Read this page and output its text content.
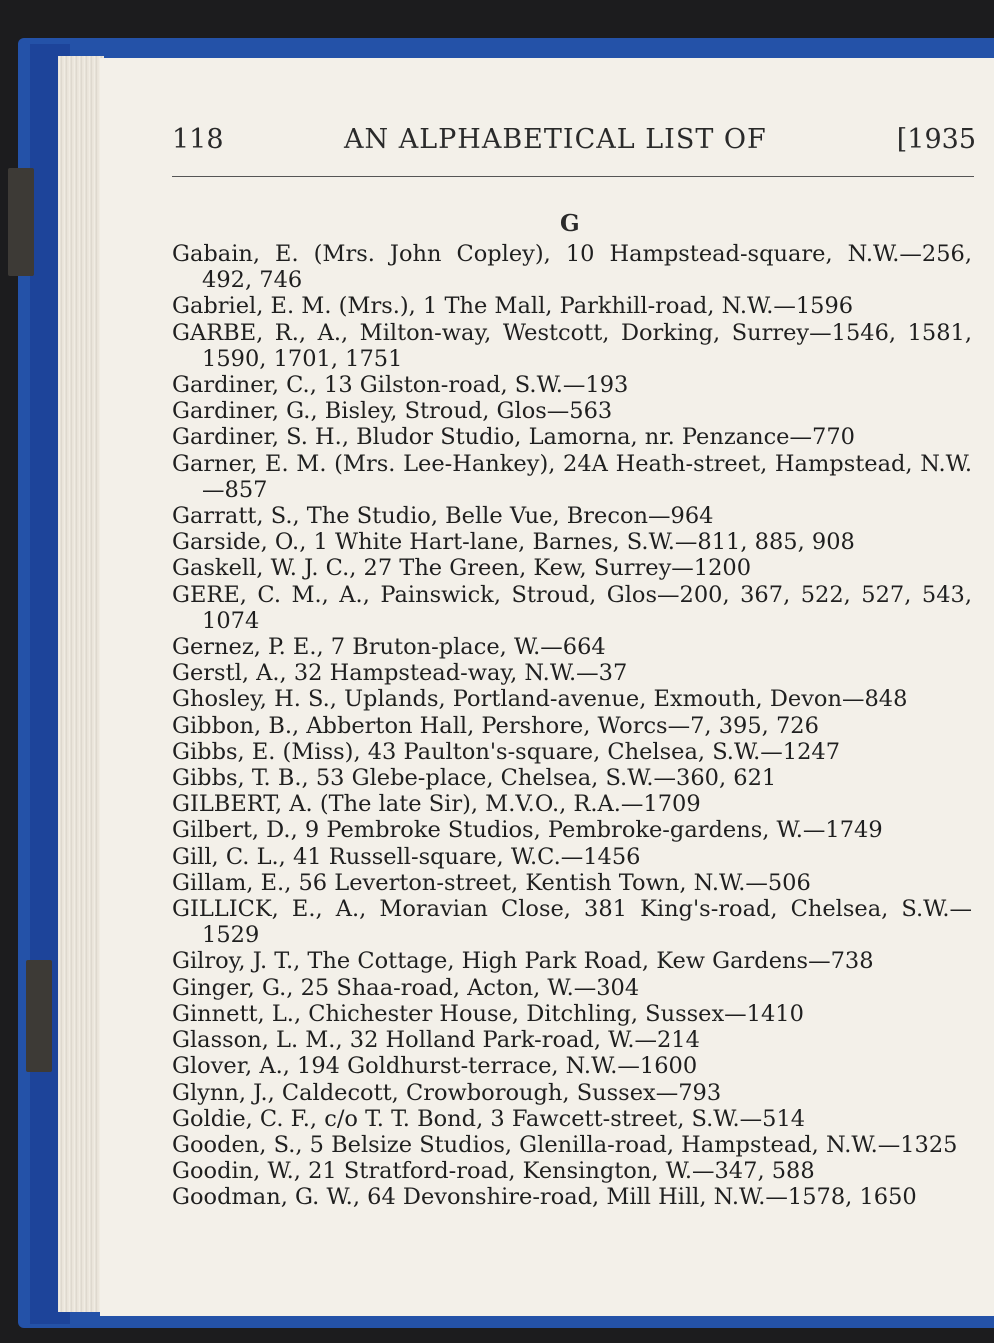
118	AN ALPHABETICAL LIST OF	[1935
G
Gabain, E. (Mrs. John Copley), 10 Hampstead-square, N.W.—256, 492, 746
Gabriel, E. M. (Mrs.), 1 The Mall, Parkhill-road, N.W.—1596
GARBE, R., A., Milton-way, Westcott, Dorking, Surrey—1546, 1581, 1590, 1701, 1751
Gardiner, C., 13 Gilston-road, S.W.—193
Gardiner, G., Bisley, Stroud, Glos—563
Gardiner, S. H., Bludor Studio, Lamorna, nr. Penzance—770
Garner, E. M. (Mrs. Lee-Hankey), 24A Heath-street, Hampstead, N.W.—857
Garratt, S., The Studio, Belle Vue, Brecon—964
Garside, O., 1 White Hart-lane, Barnes, S.W.—811, 885, 908
Gaskell, W. J. C., 27 The Green, Kew, Surrey—1200
GERE, C. M., A., Painswick, Stroud, Glos—200, 367, 522, 527, 543, 1074
Gernez, P. E., 7 Bruton-place, W.—664
Gerstl, A., 32 Hampstead-way, N.W.—37
Ghosley, H. S., Uplands, Portland-avenue, Exmouth, Devon—848
Gibbon, B., Abberton Hall, Pershore, Worcs—7, 395, 726
Gibbs, E. (Miss), 43 Paulton's-square, Chelsea, S.W.—1247
Gibbs, T. B., 53 Glebe-place, Chelsea, S.W.—360, 621
GILBERT, A. (The late Sir), M.V.O., R.A.—1709
Gilbert, D., 9 Pembroke Studios, Pembroke-gardens, W.—1749
Gill, C. L., 41 Russell-square, W.C.—1456
Gillam, E., 56 Leverton-street, Kentish Town, N.W.—506
GILLICK, E., A., Moravian Close, 381 King's-road, Chelsea, S.W.—1529
Gilroy, J. T., The Cottage, High Park Road, Kew Gardens—738
Ginger, G., 25 Shaa-road, Acton, W.—304
Ginnett, L., Chichester House, Ditchling, Sussex—1410
Glasson, L. M., 32 Holland Park-road, W.—214
Glover, A., 194 Goldhurst-terrace, N.W.—1600
Glynn, J., Caldecott, Crowborough, Sussex—793
Goldie, C. F., c/o T. T. Bond, 3 Fawcett-street, S.W.—514
Gooden, S., 5 Belsize Studios, Glenilla-road, Hampstead, N.W.—1325
Goodin, W., 21 Stratford-road, Kensington, W.—347, 588
Goodman, G. W., 64 Devonshire-road, Mill Hill, N.W.—1578, 1650
